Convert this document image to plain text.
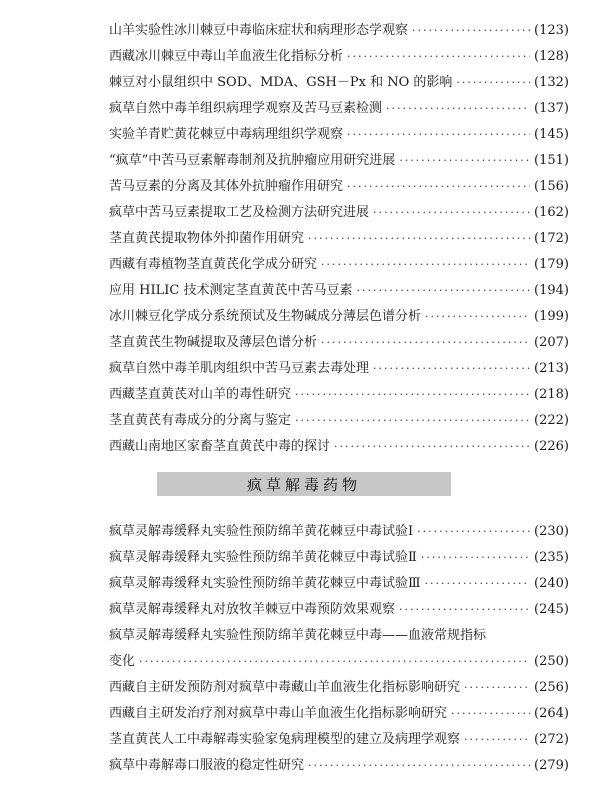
山羊实验性冰川棘豆中毒临床症状和病理形态学观察 ·····	(123)
西藏冰川棘豆中毒山羊血液生化指标分析 ·····	(128)
棘豆对小鼠组织中 SOD、MDA、GSH－Px 和 NO 的影响 ·····	(132)
疯草自然中毒羊组织病理学观察及苦马豆素检测 ·····	(137)
实验羊青贮黄花棘豆中毒病理组织学观察 ·····	(145)
“疯草”中苦马豆素解毒制剂及抗肿瘤应用研究进展 ·····	(151)
苦马豆素的分离及其体外抗肿瘤作用研究 ·····	(156)
疯草中苦马豆素提取工艺及检测方法研究进展 ·····	(162)
茎直黄芪提取物体外抑菌作用研究 ·····	(172)
西藏有毒植物茎直黄芪化学成分研究 ·····	(179)
应用 HILIC 技术测定茎直黄芪中苦马豆素 ·····	(194)
冰川棘豆化学成分系统预试及生物碱成分薄层色谱分析 ·····	(199)
茎直黄芪生物碱提取及薄层色谱分析 ·····	(207)
疯草自然中毒羊肌肉组织中苦马豆素去毒处理 ·····	(213)
西藏茎直黄芪对山羊的毒性研究 ·····	(218)
茎直黄芪有毒成分的分离与鉴定 ·····	(222)
西藏山南地区家畜茎直黄芪中毒的探讨 ·····	(226)
疯草灵解毒缓释丸实验性预防绵羊黄花棘豆中毒试验Ⅰ ·····	(230)
疯草灵解毒缓释丸实验性预防绵羊黄花棘豆中毒试验Ⅱ ·····	(235)
疯草灵解毒缓释丸实验性预防绵羊黄花棘豆中毒试验Ⅲ ·····	(240)
疯草灵解毒缓释丸对放牧羊棘豆中毒预防效果观察 ·····	(245)
疯草灵解毒缓释丸实验性预防绵羊黄花棘豆中毒——血液常规指标
变化 ·····	(250)
西藏自主研发预防剂对疯草中毒藏山羊血液生化指标影响研究 ·····	(256)
西藏自主研发治疗剂对疯草中毒山羊血液生化指标影响研究 ·····	(264)
茎直黄芪人工中毒解毒实验家兔病理模型的建立及病理学观察 ·····	(272)
疯草中毒解毒口服液的稳定性研究 ·····	(279)
疯草解毒药物
